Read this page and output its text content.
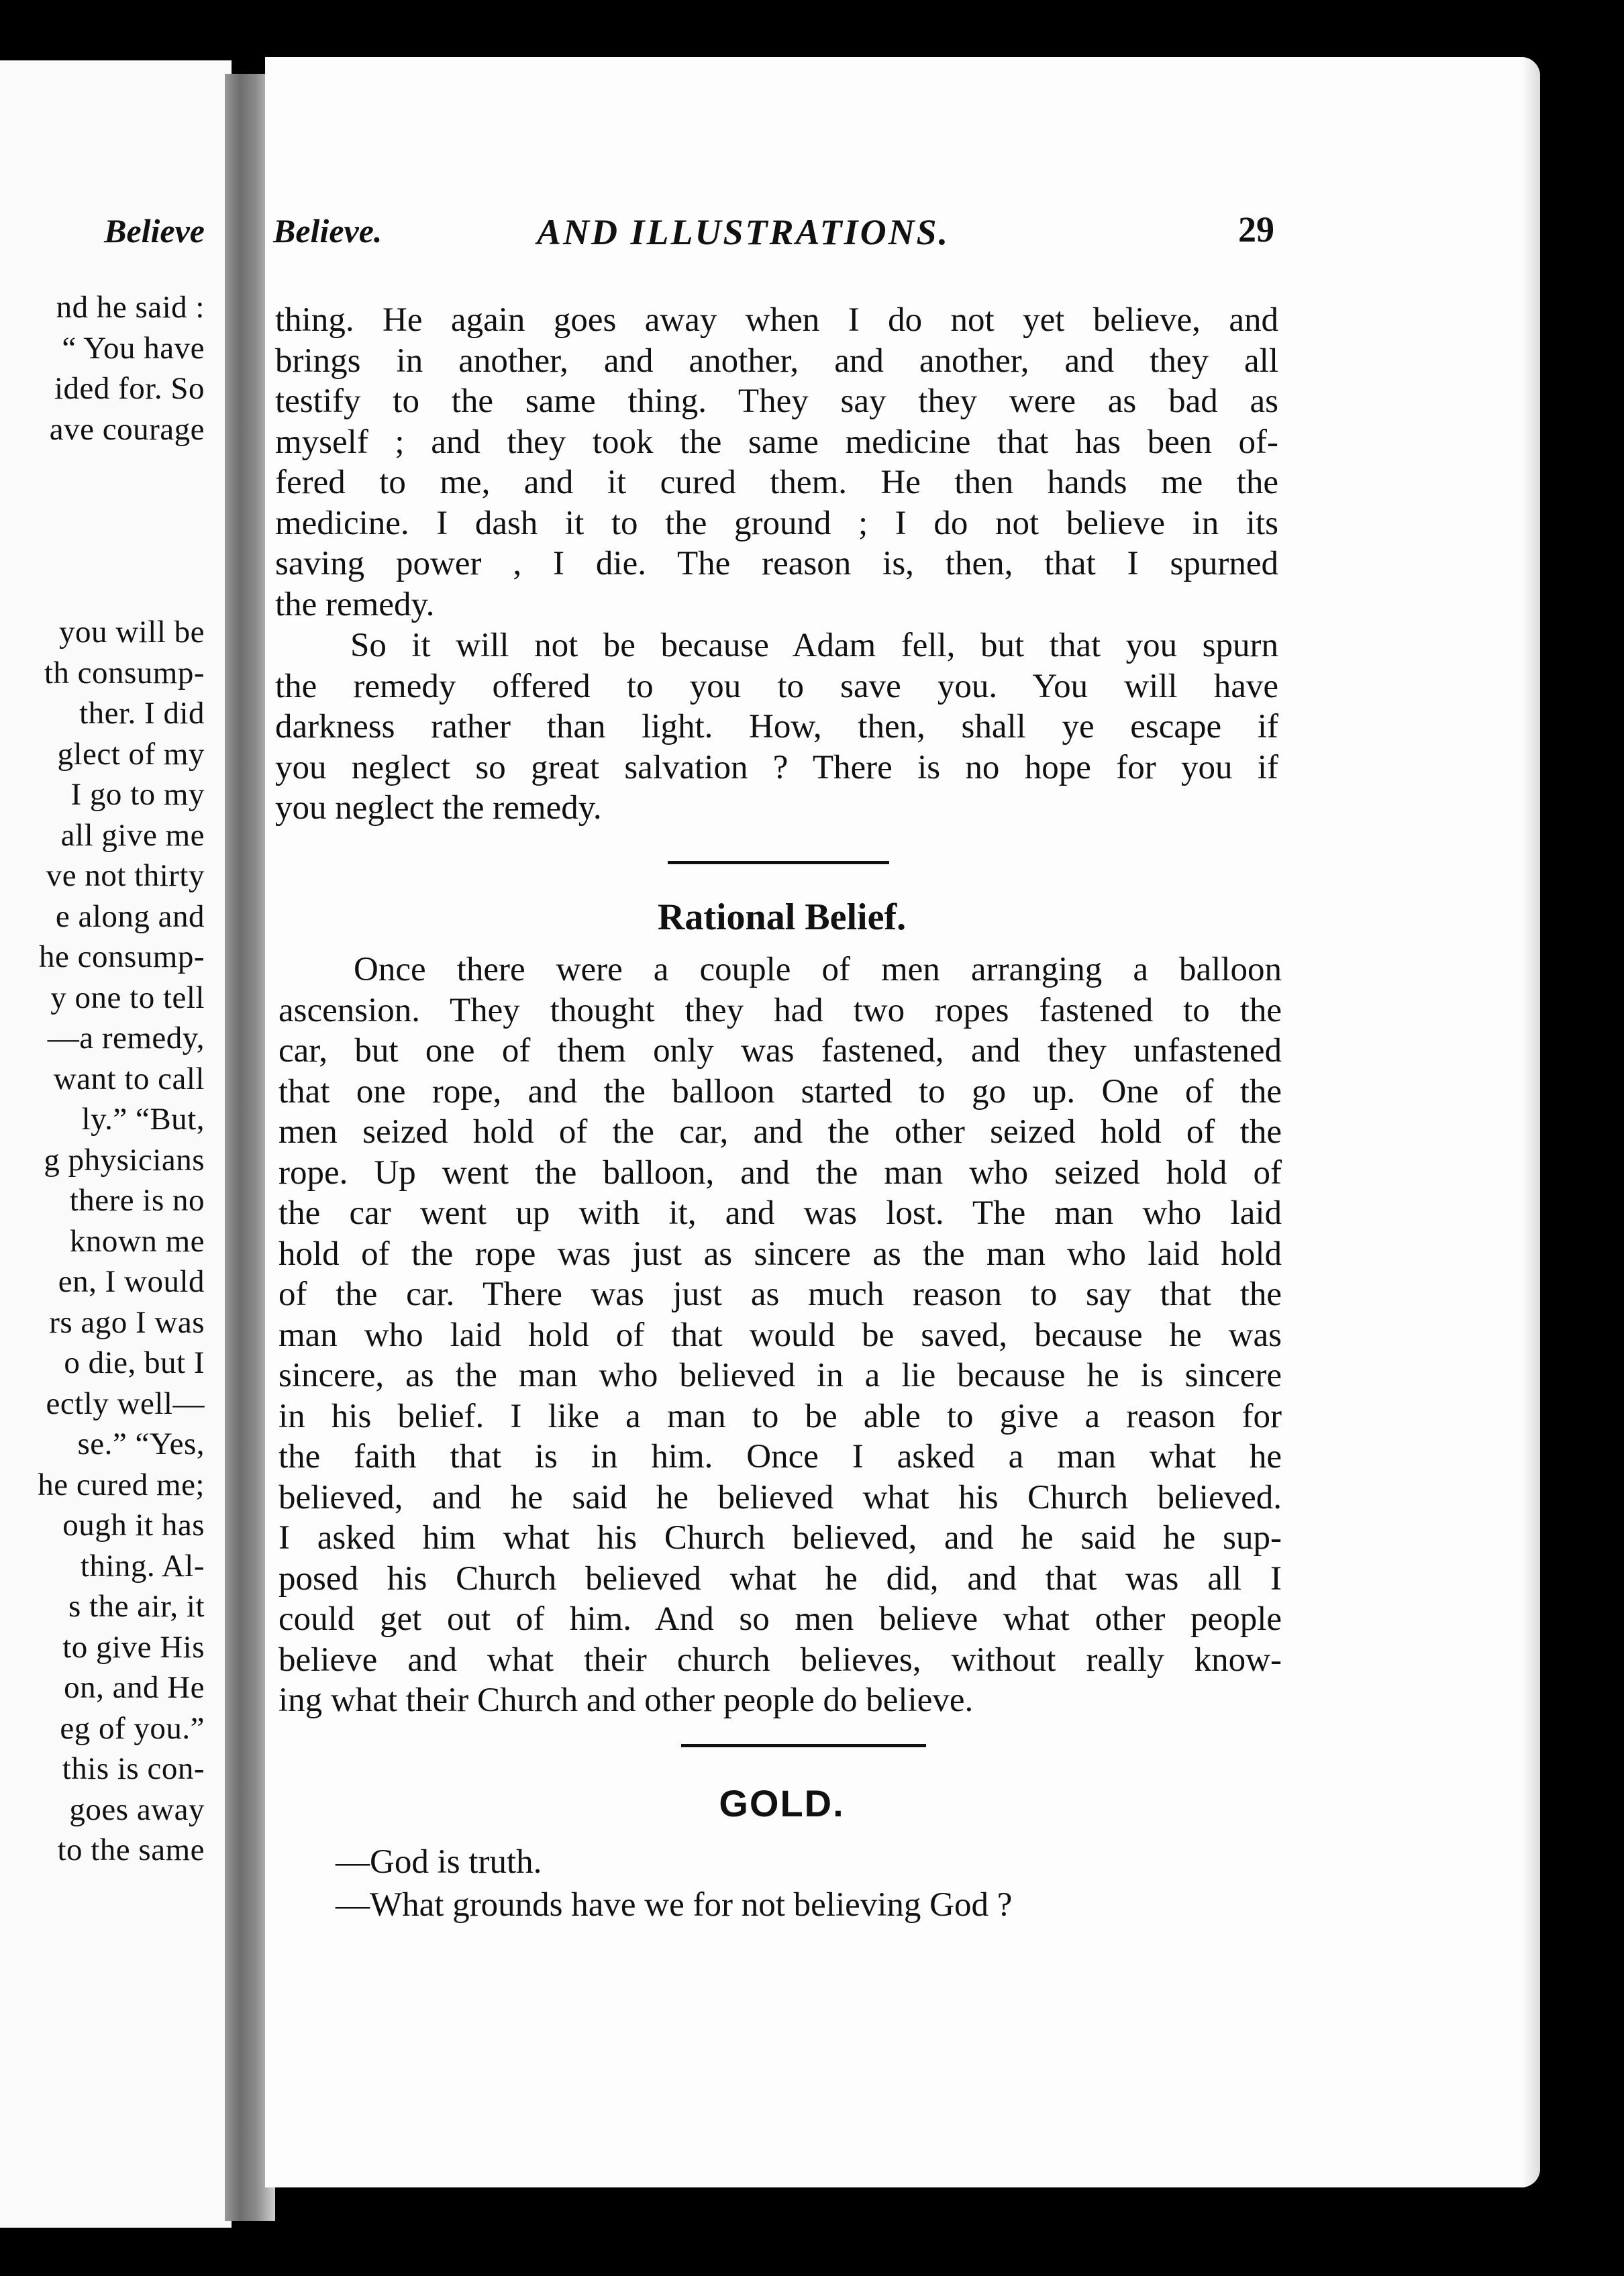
Believe
nd he said :
“ You have
ided for. So
ave courage
you will be
th consump-
ther. I did
glect of my
I go to my
all give me
ve not thirty
e along and
he consump-
y one to tell
—a remedy,
want to call
ly.” “But,
g physicians
there is no
known me
en, I would
rs ago I was
o die, but I
ectly well—
se.” “Yes,
he cured me;
ough it has
thing. Al-
s the air, it
to give His
on, and He
eg of you.”
this is con-
goes away
to the same
Believe.	AND ILLUSTRATIONS.	29
thing. He again goes away when I do not yet believe, and
brings in another, and another, and another, and they all
testify to the same thing. They say they were as bad as
myself ; and they took the same medicine that has been of-
fered to me, and it cured them. He then hands me the
medicine. I dash it to the ground ; I do not believe in its
saving power , I die. The reason is, then, that I spurned
the remedy.
So it will not be because Adam fell, but that you spurn
the remedy offered to you to save you. You will have
darkness rather than light. How, then, shall ye escape if
you neglect so great salvation ? There is no hope for you if
you neglect the remedy.
Rational Belief.
Once there were a couple of men arranging a balloon
ascension. They thought they had two ropes fastened to the
car, but one of them only was fastened, and they unfastened
that one rope, and the balloon started to go up. One of the
men seized hold of the car, and the other seized hold of the
rope. Up went the balloon, and the man who seized hold of
the car went up with it, and was lost. The man who laid
hold of the rope was just as sincere as the man who laid hold
of the car. There was just as much reason to say that the
man who laid hold of that would be saved, because he was
sincere, as the man who believed in a lie because he is sincere
in his belief. I like a man to be able to give a reason for
the faith that is in him. Once I asked a man what he
believed, and he said he believed what his Church believed.
I asked him what his Church believed, and he said he sup-
posed his Church believed what he did, and that was all I
could get out of him. And so men believe what other people
believe and what their church believes, without really know-
ing what their Church and other people do believe.
GOLD.
—God is truth.
—What grounds have we for not believing God ?
